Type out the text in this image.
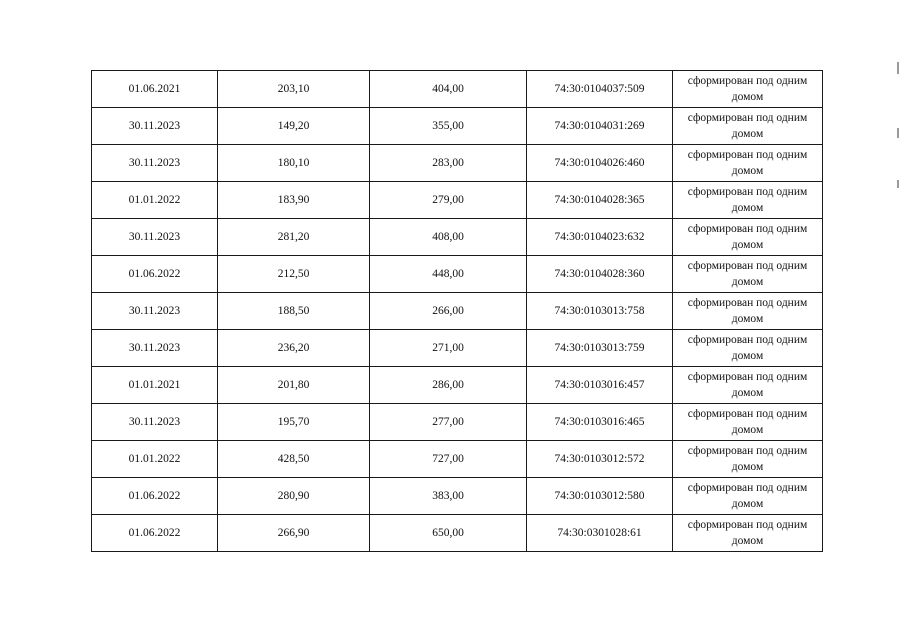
01.06.2021	203,10	404,00	74:30:0104037:509	сформирован под одним домом
30.11.2023	149,20	355,00	74:30:0104031:269	сформирован под одним домом
30.11.2023	180,10	283,00	74:30:0104026:460	сформирован под одним домом
01.01.2022	183,90	279,00	74:30:0104028:365	сформирован под одним домом
30.11.2023	281,20	408,00	74:30:0104023:632	сформирован под одним домом
01.06.2022	212,50	448,00	74:30:0104028:360	сформирован под одним домом
30.11.2023	188,50	266,00	74:30:0103013:758	сформирован под одним домом
30.11.2023	236,20	271,00	74:30:0103013:759	сформирован под одним домом
01.01.2021	201,80	286,00	74:30:0103016:457	сформирован под одним домом
30.11.2023	195,70	277,00	74:30:0103016:465	сформирован под одним домом
01.01.2022	428,50	727,00	74:30:0103012:572	сформирован под одним домом
01.06.2022	280,90	383,00	74:30:0103012:580	сформирован под одним домом
01.06.2022	266,90	650,00	74:30:0301028:61	сформирован под одним домом
